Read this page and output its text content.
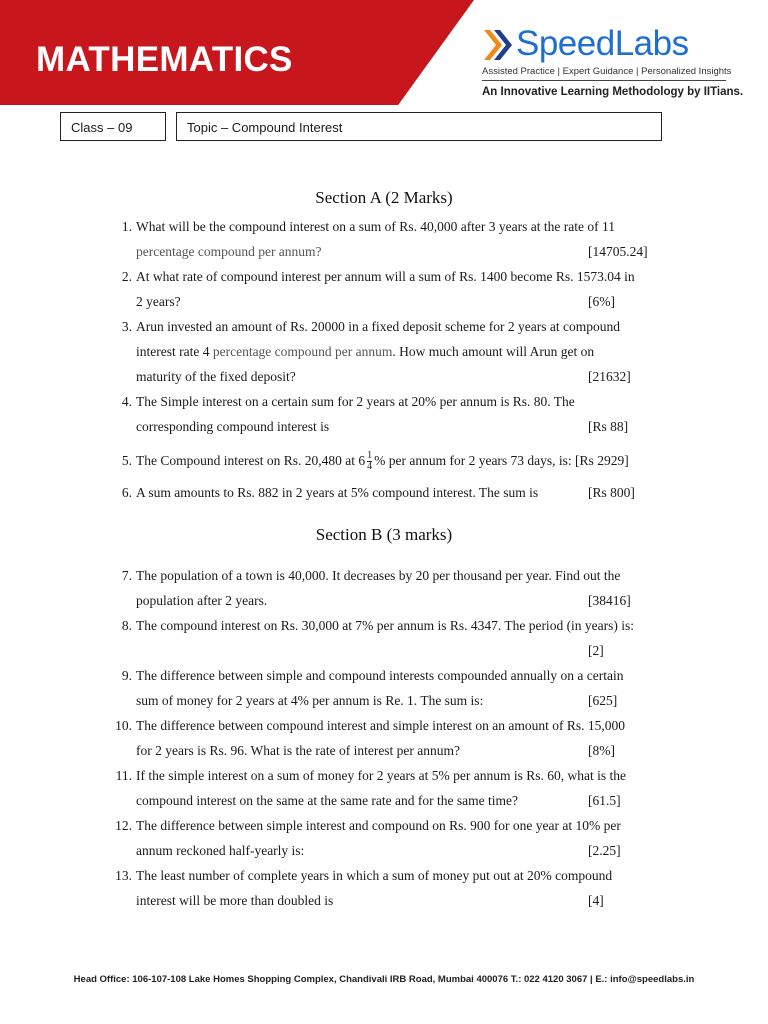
MATHEMATICS	SpeedLabs
Assisted Practice | Expert Guidance | Personalized Insights
An Innovative Learning Methodology by IITians.
Class – 09	Topic – Compound Interest
Section A (2 Marks)
1. What will be the compound interest on a sum of Rs. 40,000 after 3 years at the rate of 11
percentage compound per annum?	[14705.24]
2. At what rate of compound interest per annum will a sum of Rs. 1400 become Rs. 1573.04 in
2 years?	[6%]
3. Arun invested an amount of Rs. 20000 in a fixed deposit scheme for 2 years at compound
interest rate 4 percentage compound per annum. How much amount will Arun get on
maturity of the fixed deposit?	[21632]
4. The Simple interest on a certain sum for 2 years at 20% per annum is Rs. 80. The
corresponding compound interest is	[Rs 88]
5. The Compound interest on Rs. 20,480 at $6 \frac{1}{4}$ % per annum for 2 years 73 days, is: [Rs 2929]
6. A sum amounts to Rs. 882 in 2 years at 5% compound interest. The sum is	[Rs 800]
Section B (3 marks)
7. The population of a town is 40,000. It decreases by 20 per thousand per year. Find out the
population after 2 years.	[38416]
8. The compound interest on Rs. 30,000 at 7% per annum is Rs. 4347. The period (in years) is:
[2]
9. The difference between simple and compound interests compounded annually on a certain
sum of money for 2 years at 4% per annum is Re. 1. The sum is:	[625]
10. The difference between compound interest and simple interest on an amount of Rs. 15,000
for 2 years is Rs. 96. What is the rate of interest per annum?	[8%]
11. If the simple interest on a sum of money for 2 years at 5% per annum is Rs. 60, what is the
compound interest on the same at the same rate and for the same time?	[61.5]
12. The difference between simple interest and compound on Rs. 900 for one year at 10% per
annum reckoned half-yearly is:	[2.25]
13. The least number of complete years in which a sum of money put out at 20% compound
interest will be more than doubled is	[4]
Head Office: 106-107-108 Lake Homes Shopping Complex, Chandivali IRB Road, Mumbai 400076 T.: 022 4120 3067 | E.: info@speedlabs.in
